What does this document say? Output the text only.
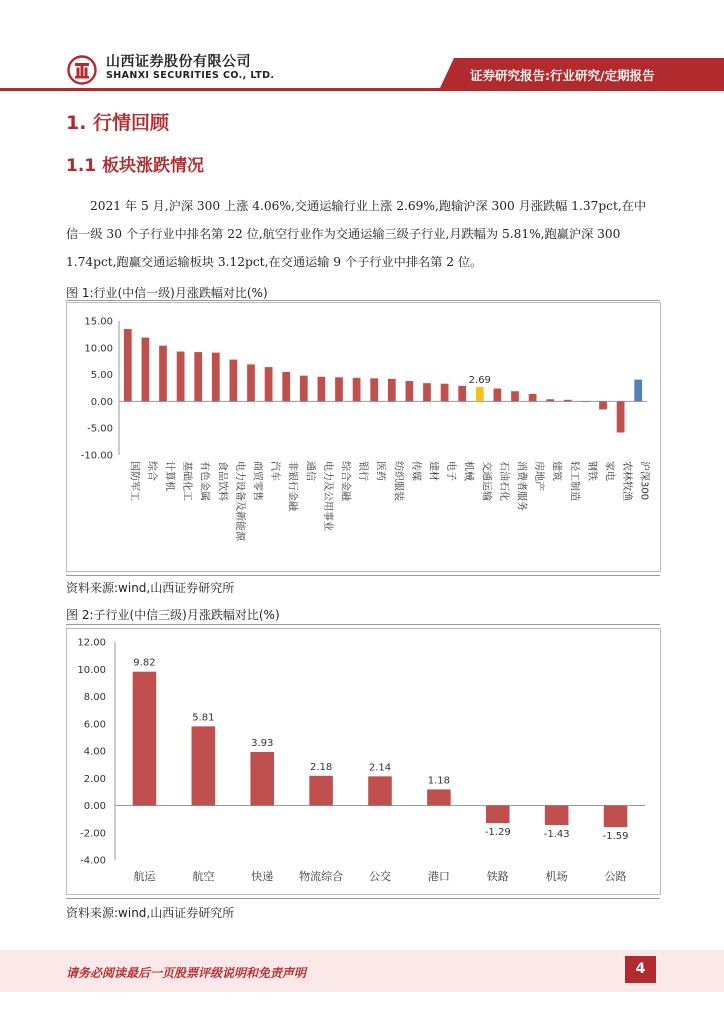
山西证券股份有限公司
SHANXI SECURITIES CO., LTD.	证券研究报告:行业研究/定期报告
1. 行情回顾
1.1 板块涨跌情况
2021 年 5 月,沪深 300 上涨 4.06%,交通运输行业上涨 2.69%,跑输沪深 300 月涨跌幅 1.37pct,在中
信一级 30 个子行业中排名第 22 位,航空行业作为交通运输三级子行业,月跌幅为 5.81%,跑赢沪深 300
1.74pct,跑赢交通运输板块 3.12pct,在交通运输 9 个子行业中排名第 2 位。
图 1:行业(中信一级)月涨跌幅对比(%)
15.00
10.00
5.00
0.00
-5.00
-10.00
国防军工 综合 计算机 基础化工 有色金属 食品饮料 电力设备及新能源 商贸零售 汽车 非银行金融 通信 电力及公用事业 综合金融 银行 医药 纺织服装 传媒 建材 电子 机械
2.69
交通运输 石油石化 消费者服务 房地产 建筑 轻工制造 钢铁 家电 农林牧渔 沪深300
资料来源:wind,山西证券研究所
图 2:子行业(中信三级)月涨跌幅对比(%)
12.00
10.00
8.00
6.00
4.00
2.00
0.00
-2.00
-4.00
9.82
航运
5.81
航空
3.93
快递
2.18
物流综合
2.14
公交
1.18
港口
-1.29
铁路
-1.43
机场
-1.59
公路
资料来源:wind,山西证券研究所
请务必阅读最后一页股票评级说明和免责声明	4
